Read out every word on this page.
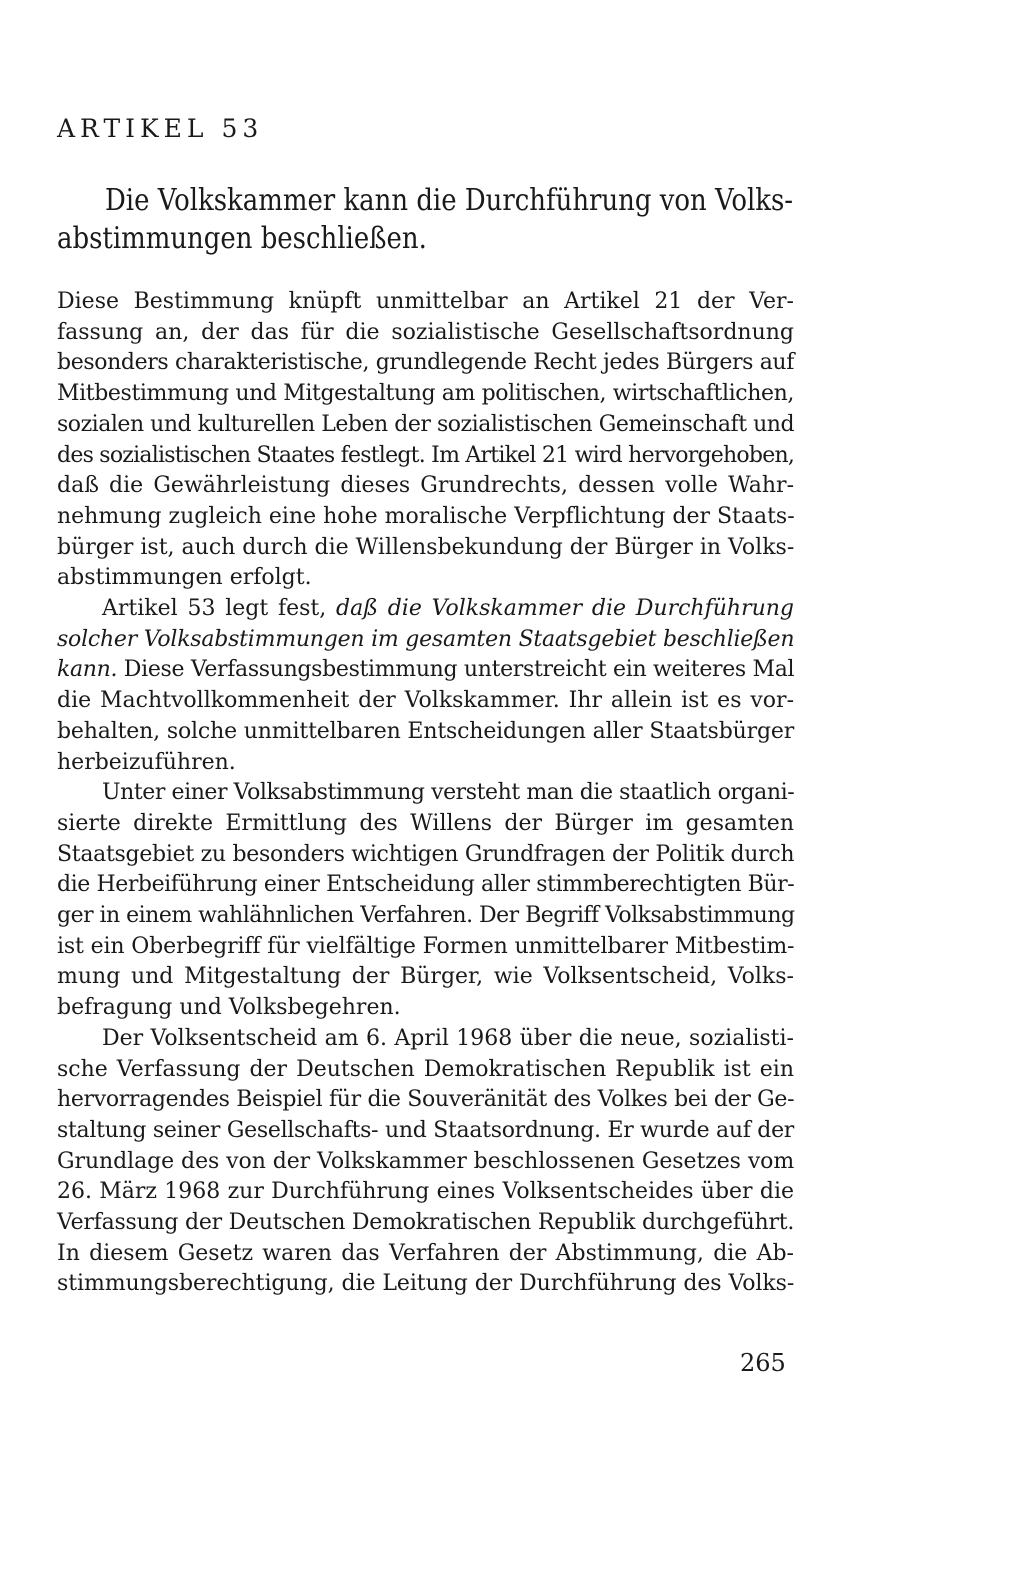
ARTIKEL 53
Die Volkskammer kann die Durchführung von Volks-
abstimmungen beschließen.
Diese Bestimmung knüpft unmittelbar an Artikel 21 der Ver-
fassung an, der das für die sozialistische Gesellschaftsordnung
besonders charakteristische, grundlegende Recht jedes Bürgers auf
Mitbestimmung und Mitgestaltung am politischen, wirtschaftlichen,
sozialen und kulturellen Leben der sozialistischen Gemeinschaft und
des sozialistischen Staates festlegt. Im Artikel 21 wird hervorgehoben,
daß die Gewährleistung dieses Grundrechts, dessen volle Wahr-
nehmung zugleich eine hohe moralische Verpflichtung der Staats-
bürger ist, auch durch die Willensbekundung der Bürger in Volks-
abstimmungen erfolgt.
Artikel 53 legt fest, daß die Volkskammer die Durchführung
solcher Volksabstimmungen im gesamten Staatsgebiet beschließen
kann. Diese Verfassungsbestimmung unterstreicht ein weiteres Mal
die Machtvollkommenheit der Volkskammer. Ihr allein ist es vor-
behalten, solche unmittelbaren Entscheidungen aller Staatsbürger
herbeizuführen.
Unter einer Volksabstimmung versteht man die staatlich organi-
sierte direkte Ermittlung des Willens der Bürger im gesamten
Staatsgebiet zu besonders wichtigen Grundfragen der Politik durch
die Herbeiführung einer Entscheidung aller stimmberechtigten Bür-
ger in einem wahlähnlichen Verfahren. Der Begriff Volksabstimmung
ist ein Oberbegriff für vielfältige Formen unmittelbarer Mitbestim-
mung und Mitgestaltung der Bürger, wie Volksentscheid, Volks-
befragung und Volksbegehren.
Der Volksentscheid am 6. April 1968 über die neue, sozialisti-
sche Verfassung der Deutschen Demokratischen Republik ist ein
hervorragendes Beispiel für die Souveränität des Volkes bei der Ge-
staltung seiner Gesellschafts- und Staatsordnung. Er wurde auf der
Grundlage des von der Volkskammer beschlossenen Gesetzes vom
26. März 1968 zur Durchführung eines Volksentscheides über die
Verfassung der Deutschen Demokratischen Republik durchgeführt.
In diesem Gesetz waren das Verfahren der Abstimmung, die Ab-
stimmungsberechtigung, die Leitung der Durchführung des Volks-
265
